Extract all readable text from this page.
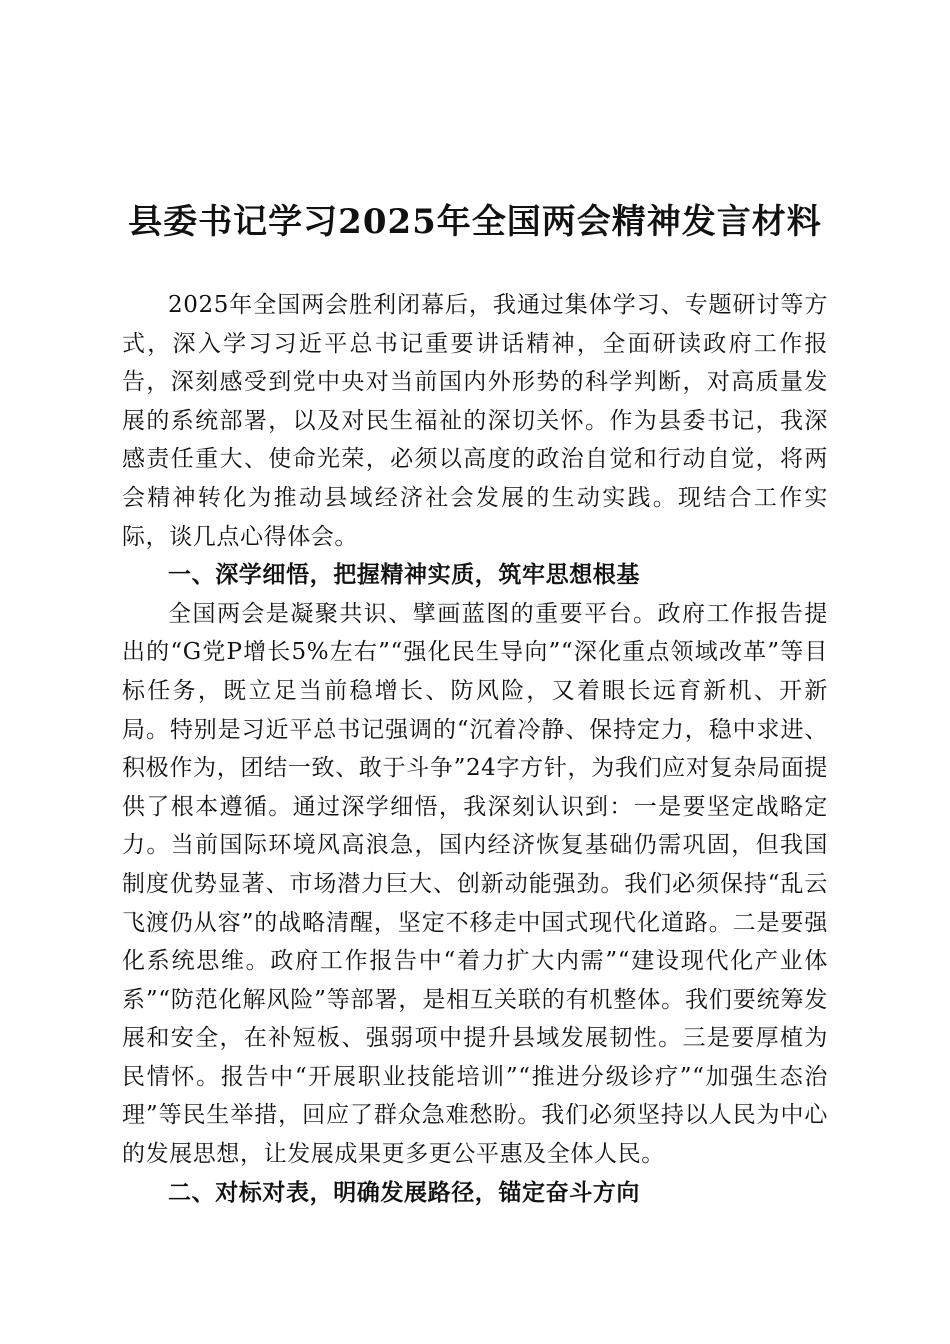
县委书记学习2025年全国两会精神发言材料

2025年全国两会胜利闭幕后，我通过集体学习、专题研讨等方式，深入学习习近平总书记重要讲话精神，全面研读政府工作报告，深刻感受到党中央对当前国内外形势的科学判断，对高质量发展的系统部署，以及对民生福祉的深切关怀。作为县委书记，我深感责任重大、使命光荣，必须以高度的政治自觉和行动自觉，将两会精神转化为推动县域经济社会发展的生动实践。现结合工作实际，谈几点心得体会。

一、深学细悟，把握精神实质，筑牢思想根基

全国两会是凝聚共识、擘画蓝图的重要平台。政府工作报告提出的“G党P增长5%左右”“强化民生导向”“深化重点领域改革”等目标任务，既立足当前稳增长、防风险，又着眼长远育新机、开新局。特别是习近平总书记强调的“沉着冷静、保持定力，稳中求进、积极作为，团结一致、敢于斗争”24字方针，为我们应对复杂局面提供了根本遵循。通过深学细悟，我深刻认识到：一是要坚定战略定力。当前国际环境风高浪急，国内经济恢复基础仍需巩固，但我国制度优势显著、市场潜力巨大、创新动能强劲。我们必须保持“乱云飞渡仍从容”的战略清醒，坚定不移走中国式现代化道路。二是要强化系统思维。政府工作报告中“着力扩大内需”“建设现代化产业体系”“防范化解风险”等部署，是相互关联的有机整体。我们要统筹发展和安全，在补短板、强弱项中提升县域发展韧性。三是要厚植为民情怀。报告中“开展职业技能培训”“推进分级诊疗”“加强生态治理”等民生举措，回应了群众急难愁盼。我们必须坚持以人民为中心的发展思想，让发展成果更多更公平惠及全体人民。

二、对标对表，明确发展路径，锚定奋斗方向
